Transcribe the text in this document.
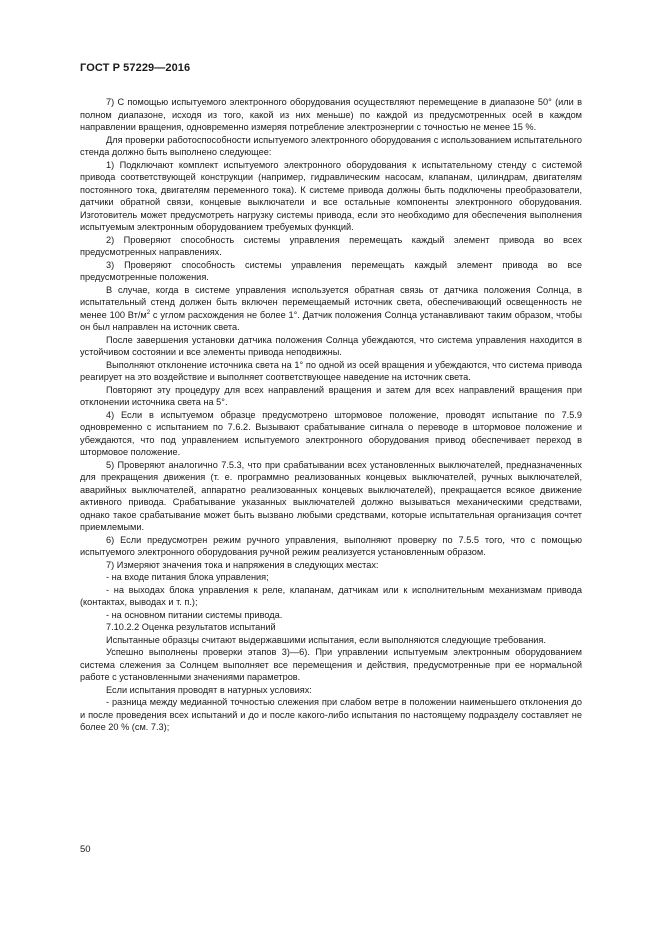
ГОСТ Р 57229—2016

7) С помощью испытуемого электронного оборудования осуществляют перемещение в диапазоне 50° (или в полном диапазоне, исходя из того, какой из них меньше) по каждой из предусмотренных осей в каждом направлении вращения, одновременно измеряя потребление электроэнергии с точностью не менее 15 %.

Для проверки работоспособности испытуемого электронного оборудования с использованием испытательного стенда должно быть выполнено следующее:

1) Подключают комплект испытуемого электронного оборудования к испытательному стенду с системой привода соответствующей конструкции (например, гидравлическим насосам, клапанам, цилиндрам, двигателям постоянного тока, двигателям переменного тока). К системе привода должны быть подключены преобразователи, датчики обратной связи, концевые выключатели и все остальные компоненты электронного оборудования. Изготовитель может предусмотреть нагрузку системы привода, если это необходимо для обеспечения выполнения испытуемым электронным оборудованием требуемых функций.

2) Проверяют способность системы управления перемещать каждый элемент привода во всех предусмотренных направлениях.

3) Проверяют способность системы управления перемещать каждый элемент привода во все предусмотренные положения.

В случае, когда в системе управления используется обратная связь от датчика положения Солнца, в испытательный стенд должен быть включен перемещаемый источник света, обеспечивающий освещенность не менее 100 $Вт/м^2$ с углом расхождения не более 1°. Датчик положения Солнца устанавливают таким образом, чтобы он был направлен на источник света.

После завершения установки датчика положения Солнца убеждаются, что система управления находится в устойчивом состоянии и все элементы привода неподвижны.

Выполняют отклонение источника света на 1° по одной из осей вращения и убеждаются, что система привода реагирует на это воздействие и выполняет соответствующее наведение на источник света.

Повторяют эту процедуру для всех направлений вращения и затем для всех направлений вращения при отклонении источника света на 5°.

4) Если в испытуемом образце предусмотрено штормовое положение, проводят испытание по 7.5.9 одновременно с испытанием по 7.6.2. Вызывают срабатывание сигнала о переводе в штормовое положение и убеждаются, что под управлением испытуемого электронного оборудования привод обеспечивает переход в штормовое положение.

5) Проверяют аналогично 7.5.3, что при срабатывании всех установленных выключателей, предназначенных для прекращения движения (т. е. программно реализованных концевых выключателей, ручных выключателей, аварийных выключателей, аппаратно реализованных концевых выключателей), прекращается всякое движение активного привода. Срабатывание указанных выключателей должно вызываться механическими средствами, однако такое срабатывание может быть вызвано любыми средствами, которые испытательная организация сочтет приемлемыми.

6) Если предусмотрен режим ручного управления, выполняют проверку по 7.5.5 того, что с помощью испытуемого электронного оборудования ручной режим реализуется установленным образом.

7) Измеряют значения тока и напряжения в следующих местах:

- на входе питания блока управления;

- на выходах блока управления к реле, клапанам, датчикам или к исполнительным механизмам привода (контактах, выводах и т. п.);

- на основном питании системы привода.

7.10.2.2 Оценка результатов испытаний

Испытанные образцы считают выдержавшими испытания, если выполняются следующие требования.

Успешно выполнены проверки этапов 3)—6). При управлении испытуемым электронным оборудованием система слежения за Солнцем выполняет все перемещения и действия, предусмотренные при ее нормальной работе с установленными значениями параметров.

Если испытания проводят в натурных условиях:

- разница между медианной точностью слежения при слабом ветре в положении наименьшего отклонения до и после проведения всех испытаний и до и после какого-либо испытания по настоящему подразделу составляет не более 20 % (см. 7.3);

50
